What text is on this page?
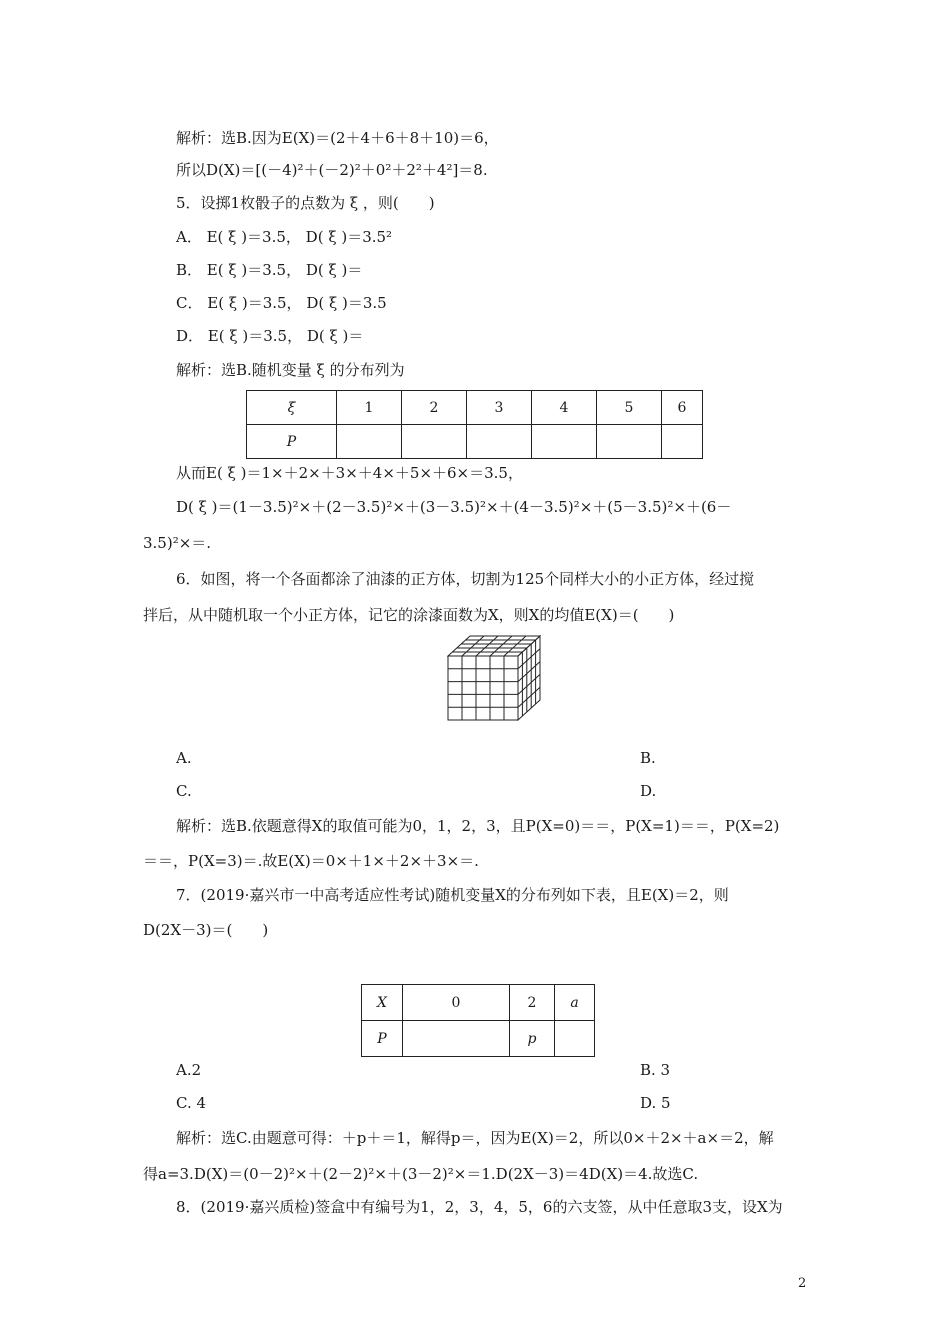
解析：选B.因为E(X)＝(2＋4＋6＋8＋10)＝6，
所以D(X)＝[(－4)²＋(－2)²＋0²＋2²＋4²]＝8.
5．设掷1枚骰子的点数为 ξ ，则(　　)
A． E( ξ )＝3.5， D( ξ )＝3.5²
B． E( ξ )＝3.5， D( ξ )＝
C． E( ξ )＝3.5， D( ξ )＝3.5
D． E( ξ )＝3.5， D( ξ )＝
解析：选B.随机变量 ξ 的分布列为
ξ	1	2	3	4	5	6
P						
从而E( ξ )＝1×＋2×＋3×＋4×＋5×＋6×＝3.5，
D( ξ )＝(1－3.5)²×＋(2－3.5)²×＋(3－3.5)²×＋(4－3.5)²×＋(5－3.5)²×＋(6－
3.5)²×＝.
6．如图，将一个各面都涂了油漆的正方体，切割为125个同样大小的小正方体，经过搅
拌后，从中随机取一个小正方体，记它的涂漆面数为X，则X的均值E(X)＝(　　)
A.	B.
C.	D.
解析：选B.依题意得X的取值可能为0，1，2，3，且P(X=0)＝＝，P(X=1)＝＝，P(X=2)
＝＝，P(X=3)＝.故E(X)＝0×＋1×＋2×＋3×＝.
7．(2019·嘉兴市一中高考适应性考试)随机变量X的分布列如下表，且E(X)＝2，则
D(2X－3)＝(　　)
X	0	2	a
P		p	
A.2	B. 3
C. 4	D. 5
解析：选C.由题意可得：＋p＋＝1，解得p＝，因为E(X)＝2，所以0×＋2×＋a×＝2，解
得a=3.D(X)＝(0－2)²×＋(2－2)²×＋(3－2)²×＝1.D(2X－3)＝4D(X)＝4.故选C.
8．(2019·嘉兴质检)签盒中有编号为1，2，3，4，5，6的六支签，从中任意取3支，设X为
2
